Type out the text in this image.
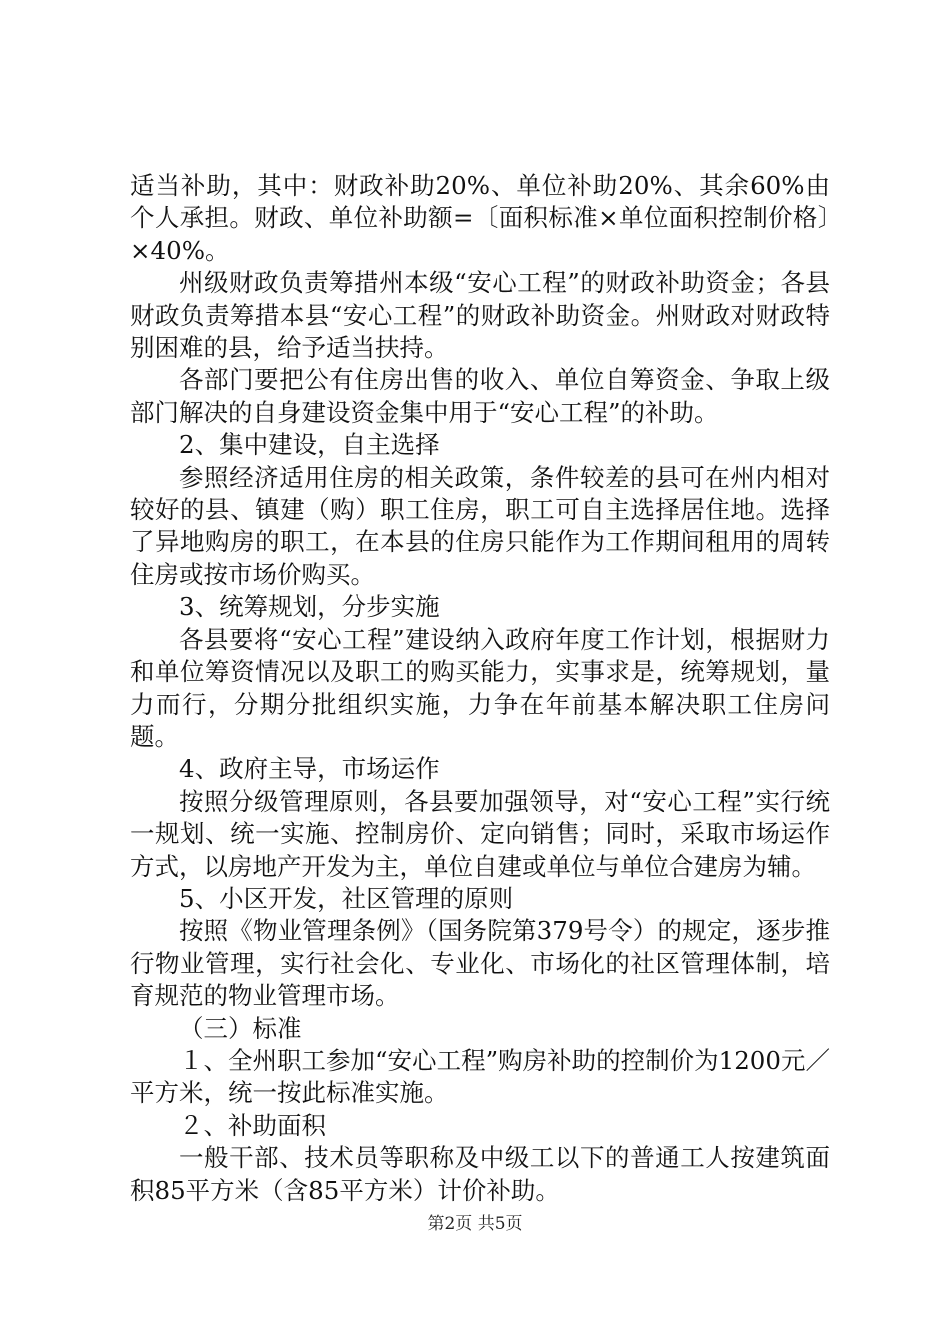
适当补助，其中：财政补助20%、单位补助20%、其余60%由个人承担。财政、单位补助额=〔面积标准×单位面积控制价格〕×40%。

州级财政负责筹措州本级“安心工程”的财政补助资金；各县财政负责筹措本县“安心工程”的财政补助资金。州财政对财政特别困难的县，给予适当扶持。

各部门要把公有住房出售的收入、单位自筹资金、争取上级部门解决的自身建设资金集中用于“安心工程”的补助。

2、集中建设，自主选择

参照经济适用住房的相关政策，条件较差的县可在州内相对较好的县、镇建（购）职工住房，职工可自主选择居住地。选择了异地购房的职工，在本县的住房只能作为工作期间租用的周转住房或按市场价购买。

3、统筹规划，分步实施

各县要将“安心工程”建设纳入政府年度工作计划，根据财力和单位筹资情况以及职工的购买能力，实事求是，统筹规划，量力而行，分期分批组织实施，力争在年前基本解决职工住房问题。

4、政府主导，市场运作

按照分级管理原则，各县要加强领导，对“安心工程”实行统一规划、统一实施、控制房价、定向销售；同时，采取市场运作方式，以房地产开发为主，单位自建或单位与单位合建房为辅。

5、小区开发，社区管理的原则

按照《物业管理条例》（国务院第379号令）的规定，逐步推行物业管理，实行社会化、专业化、市场化的社区管理体制，培育规范的物业管理市场。

（三）标准

１、全州职工参加“安心工程”购房补助的控制价为1200元／平方米，统一按此标准实施。

２、补助面积

一般干部、技术员等职称及中级工以下的普通工人按建筑面积85平方米（含85平方米）计价补助。

第2页 共5页
